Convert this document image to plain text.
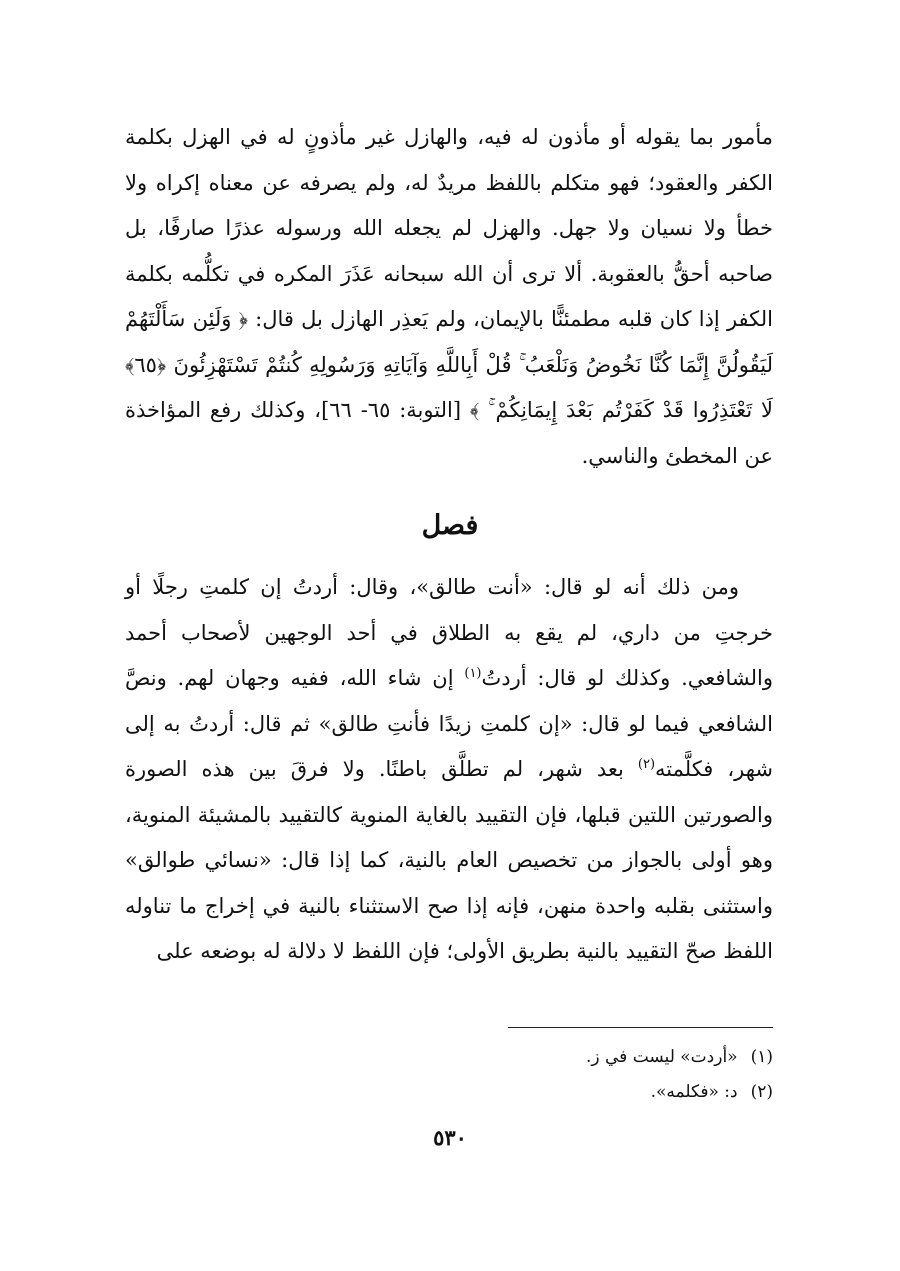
مأمور بما يقوله أو مأذون له فيه، والهازل غير مأذونٍ له في الهزل بكلمة الكفر والعقود؛ فهو متكلم باللفظ مريدٌ له، ولم يصرفه عن معناه إكراه ولا خطأ ولا نسيان ولا جهل. والهزل لم يجعله الله ورسوله عذرًا صارفًا، بل صاحبه أحقُّ بالعقوبة. ألا ترى أن الله سبحانه عَذَرَ المكره في تكلُّمه بكلمة الكفر إذا كان قلبه مطمئنًّا بالإيمان، ولم يَعذِر الهازل بل قال: ﴿ وَلَئِن سَأَلْتَهُمْ لَيَقُولُنَّ إِنَّمَا كُنَّا نَخُوضُ وَنَلْعَبُ ۚ قُلْ أَبِاللَّهِ وَآيَاتِهِ وَرَسُولِهِ كُنتُمْ تَسْتَهْزِئُونَ ﴿٦٥﴾ لَا تَعْتَذِرُوا قَدْ كَفَرْتُم بَعْدَ إِيمَانِكُمْ ۚ ﴾ [التوبة: ٦٥- ٦٦]، وكذلك رفع المؤاخذة عن المخطئ والناسي.

فصل

ومن ذلك أنه لو قال: «أنت طالق»، وقال: أردتُ إن كلمتِ رجلًا أو خرجتِ من داري، لم يقع به الطلاق في أحد الوجهين لأصحاب أحمد والشافعي. وكذلك لو قال: أردتُ$^{(١)}$ إن شاء الله، ففيه وجهان لهم. ونصَّ الشافعي فيما لو قال: «إن كلمتِ زيدًا فأنتِ طالق» ثم قال: أردتُ به إلى شهر، فكلَّمته$^{(٢)}$ بعد شهر، لم تطلَّق باطنًا. ولا فرقَ بين هذه الصورة والصورتين اللتين قبلها، فإن التقييد بالغاية المنوية كالتقييد بالمشيئة المنوية، وهو أولى بالجواز من تخصيص العام بالنية، كما إذا قال: «نسائي طوالق» واستثنى بقلبه واحدة منهن، فإنه إذا صح الاستثناء بالنية في إخراج ما تناوله اللفظ صحّ التقييد بالنية بطريق الأولى؛ فإن اللفظ لا دلالة له بوضعه على

(١) «أردت» ليست في ز.

(٢) د: «فكلمه».

٥٣٠
